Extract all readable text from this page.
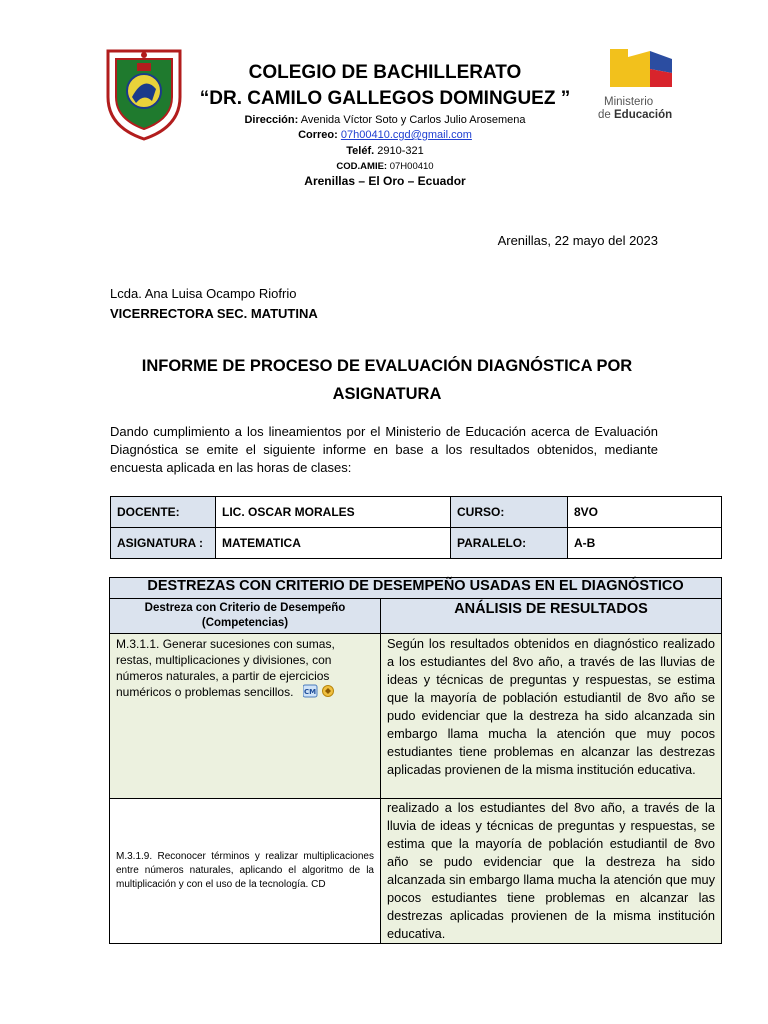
COLEGIO DE BACHILLERATO
“DR. CAMILO GALLEGOS DOMINGUEZ ”
Dirección: Avenida Víctor Soto y Carlos Julio Arosemena
Correo: 07h00410.cgd@gmail.com
Teléf. 2910-321
COD.AMIE: 07H00410
Arenillas – El Oro – Ecuador
Ministerio
de Educación
Arenillas, 22 mayo del 2023
Lcda. Ana Luisa Ocampo Riofrio
VICERRECTORA SEC. MATUTINA
INFORME DE PROCESO DE EVALUACIÓN DIAGNÓSTICA POR
ASIGNATURA
Dando cumplimiento a los lineamientos por el Ministerio de Educación acerca de Evaluación Diagnóstica se emite el siguiente informe en base a los resultados obtenidos, mediante encuesta aplicada en las horas de clases:
DOCENTE:	LIC. OSCAR MORALES	CURSO:	8VO
ASIGNATURA :	MATEMATICA	PARALELO:	A-B
DESTREZAS CON CRITERIO DE DESEMPEÑO USADAS EN EL DIAGNÓSTICO	
Destreza con Criterio de Desempeño (Competencias)	ANÁLISIS DE RESULTADOS
M.3.1.1. Generar sucesiones con sumas, restas, multiplicaciones y divisiones, con números naturales, a partir de ejercicios numéricos o problemas sencillos. CM	Según los resultados obtenidos en diagnóstico realizado a los estudiantes del 8vo año, a través de las lluvias de ideas y técnicas de preguntas y respuestas, se estima que la mayoría de población estudiantil de 8vo año se pudo evidenciar que la destreza ha sido alcanzada sin embargo llama mucha la atención que muy pocos estudiantes tiene problemas en alcanzar las destrezas aplicadas provienen de la misma institución educativa.
M.3.1.9. Reconocer términos y realizar multiplicaciones entre números naturales, aplicando el algoritmo de la multiplicación y con el uso de la tecnología. CD	realizado a los estudiantes del 8vo año, a través de la lluvia de ideas y técnicas de preguntas y respuestas, se estima que la mayoría de población estudiantil de 8vo año se pudo evidenciar que la destreza ha sido alcanzada sin embargo llama mucha la atención que muy pocos estudiantes tiene problemas en alcanzar las destrezas aplicadas provienen de la misma institución educativa.
